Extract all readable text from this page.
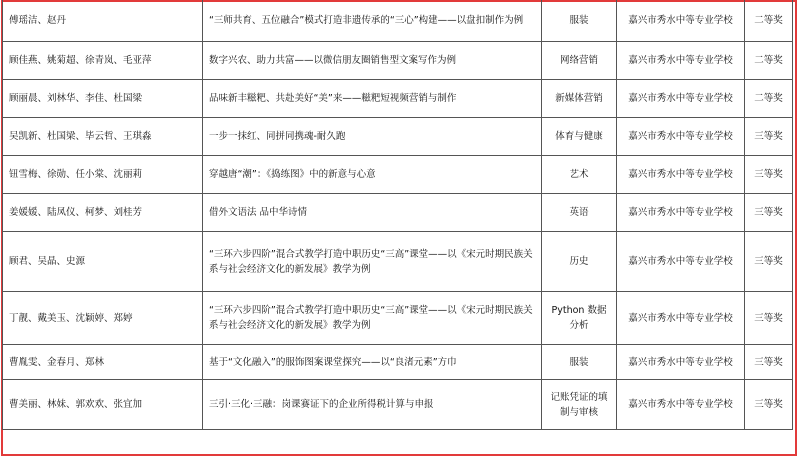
傅瑶洁、赵丹	“三师共育、五位融合”模式打造非遗传承的“三心”构建——以盘扣制作为例	服装	嘉兴市秀水中等专业学校	二等奖
顾佳燕、姚菊超、徐青岚、毛亚萍	数字兴农、助力共富——以微信朋友圈销售型文案写作为例	网络营销	嘉兴市秀水中等专业学校	二等奖
顾丽晨、刘林华、李佳、杜国梁	品味新丰糍粑、共赴美好“美”来——糍粑短视频营销与制作	新媒体营销	嘉兴市秀水中等专业学校	二等奖
吴凯新、杜国梁、毕云哲、王琪淼	一步一抹红、同拼同携魂-耐久跑	体育与健康	嘉兴市秀水中等专业学校	三等奖
钮雪梅、徐勋、任小棠、沈丽莉	穿越唐“潮”：《捣练图》中的新意与心意	艺术	嘉兴市秀水中等专业学校	三等奖
姜媛媛、陆凤仪、柯梦、刘桂芳	借外文语法 品中华诗情	英语	嘉兴市秀水中等专业学校	三等奖
顾君、吴晶、史源	“三环六步四阶”混合式教学打造中职历史“三高”课堂——以《宋元时期民族关系与社会经济文化的新发展》教学为例	历史	嘉兴市秀水中等专业学校	三等奖
丁靓、戴美玉、沈颖婷、郑婷	“三环六步四阶”混合式教学打造中职历史“三高”课堂——以《宋元时期民族关系与社会经济文化的新发展》教学为例	Python 数据分析	嘉兴市秀水中等专业学校	三等奖
曹胤雯、金春月、郑林	基于“文化融入”的服饰图案课堂探究——以“良渚元素”方巾	服装	嘉兴市秀水中等专业学校	三等奖
曹美丽、林妹、郭欢欢、张宜加	三引·三化·三融：岗课赛证下的企业所得税计算与申报	记账凭证的填制与审核	嘉兴市秀水中等专业学校	三等奖
